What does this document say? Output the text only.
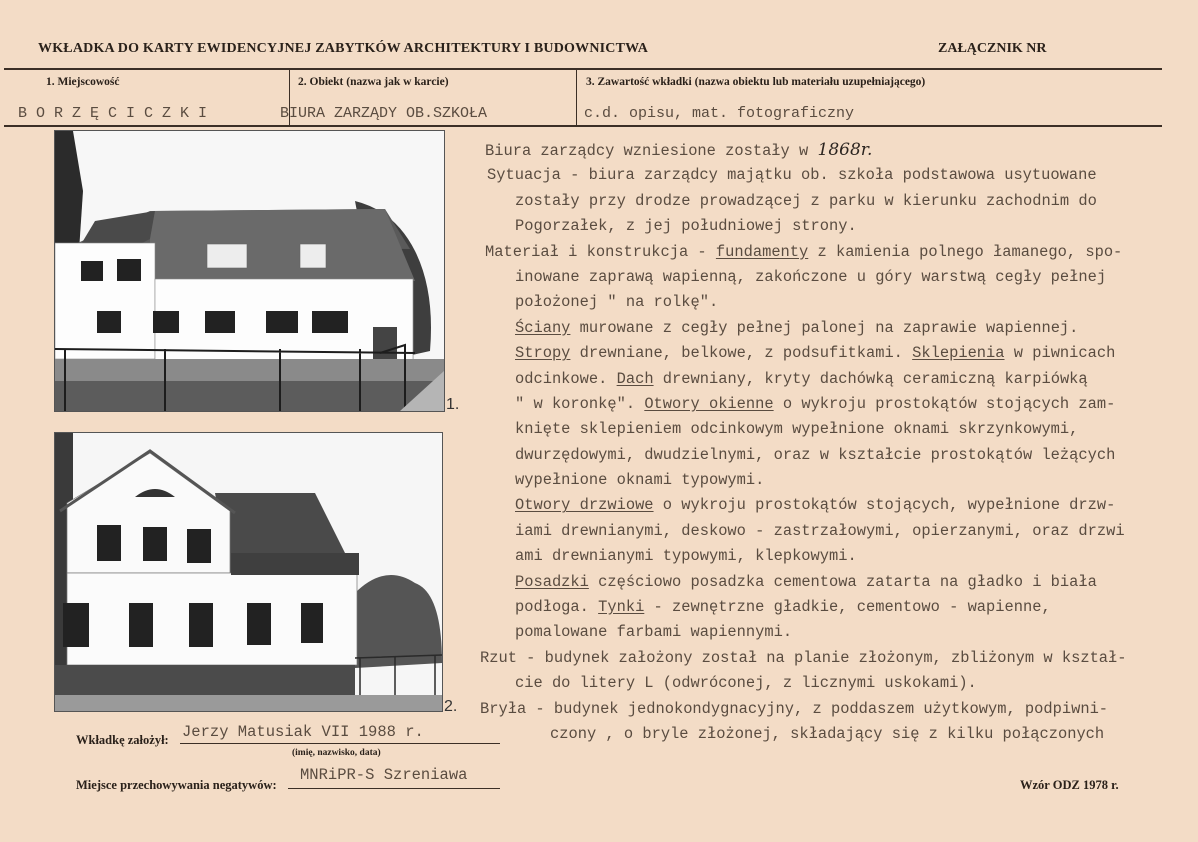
WKŁADKA DO KARTY EWIDENCYJNEJ ZABYTKÓW ARCHITEKTURY I BUDOWNICTWA	ZAŁĄCZNIK NR
1. Miejscowość	2. Obiekt (nazwa jak w karcie)	3. Zawartość wkładki (nazwa obiektu lub materiału uzupełniającego)
B O R Z Ę C I C Z K I	BIURA ZARZĄDY OB.SZKOŁA	c.d. opisu, mat. fotograficzny
1.
2.
Biura zarządcy wzniesione zostały w 1868r.
Sytuacja - biura zarządcy majątku ob. szkoła podstawowa usytuowane
zostały przy drodze prowadzącej z parku w kierunku zachodnim do
Pogorzałek, z jej południowej strony.
Materiał i konstrukcja - fundamenty z kamienia polnego łamanego, spo-
inowane zaprawą wapienną, zakończone u góry warstwą cegły pełnej
położonej " na rolkę".
Ściany murowane z cegły pełnej palonej na zaprawie wapiennej.
Stropy drewniane, belkowe, z podsufitkami. Sklepienia w piwnicach
odcinkowe. Dach drewniany, kryty dachówką ceramiczną karpiówką
" w koronkę". Otwory okienne o wykroju prostokątów stojących zam-
knięte sklepieniem odcinkowym wypełnione oknami skrzynkowymi,
dwurzędowymi, dwudzielnymi, oraz w kształcie prostokątów leżących
wypełnione oknami typowymi.
Otwory drzwiowe o wykroju prostokątów stojących, wypełnione drzw-
iami drewnianymi, deskowo - zastrzałowymi, opierzanymi, oraz drzwi
ami drewnianymi typowymi, klepkowymi.
Posadzki częściowo posadzka cementowa zatarta na gładko i biała
podłoga. Tynki - zewnętrzne gładkie, cementowo - wapienne,
pomalowane farbami wapiennymi.
Rzut - budynek założony został na planie złożonym, zbliżonym w kształ-
cie do litery L (odwróconej, z licznymi uskokami).
Bryła - budynek jednokondygnacyjny, z poddaszem użytkowym, podpiwni-
czony , o bryle złożonej, składający się z kilku połączonych
Wkładkę założył: Jerzy Matusiak VII 1988 r.
(imię, nazwisko, data)
Miejsce przechowywania negatywów:
MNRiPR-S Szreniawa
Wzór ODZ 1978 r.
